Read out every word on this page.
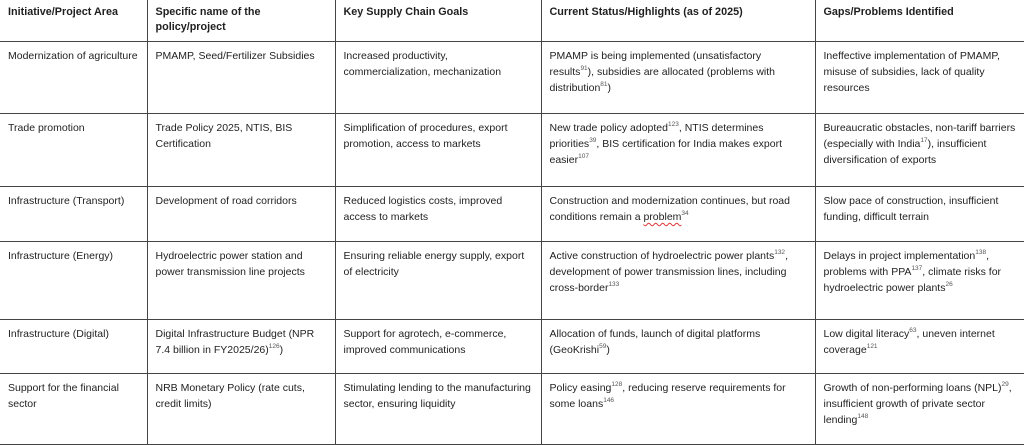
Initiative/Project Area	Specific name of the policy/project	Key Supply Chain Goals	Current Status/Highlights (as of 2025)	Gaps/Problems Identified
Modernization of agriculture	PMAMP, Seed/Fertilizer Subsidies	Increased productivity, commercialization, mechanization	PMAMP is being implemented (unsatisfactory results$^{91}$), subsidies are allocated (problems with distribution$^{81}$)	Ineffective implementation of PMAMP, misuse of subsidies, lack of quality resources
Trade promotion	Trade Policy 2025, NTIS, BIS Certification	Simplification of procedures, export promotion, access to markets	New trade policy adopted$^{123}$, NTIS determines priorities$^{39}$, BIS certification for India makes export easier$^{107}$	Bureaucratic obstacles, non-tariff barriers (especially with India$^{17}$), insufficient diversification of exports
Infrastructure (Transport)	Development of road corridors	Reduced logistics costs, improved access to markets	Construction and modernization continues, but road conditions remain a problem$^{34}$	Slow pace of construction, insufficient funding, difficult terrain
Infrastructure (Energy)	Hydroelectric power station and power transmission line projects	Ensuring reliable energy supply, export of electricity	Active construction of hydroelectric power plants$^{132}$, development of power transmission lines, including cross-border$^{133}$	Delays in project implementation$^{138}$, problems with PPA$^{137}$, climate risks for hydroelectric power plants$^{26}$
Infrastructure (Digital)	Digital Infrastructure Budget (NPR 7.4 billion in FY2025/26)$^{126}$)	Support for agrotech, e-commerce, improved communications	Allocation of funds, launch of digital platforms (GeoKrishi$^{59}$)	Low digital literacy$^{63}$, uneven internet coverage$^{121}$
Support for the financial sector	NRB Monetary Policy (rate cuts, credit limits)	Stimulating lending to the manufacturing sector, ensuring liquidity	Policy easing$^{128}$, reducing reserve requirements for some loans$^{146}$	Growth of non-performing loans (NPL)$^{29}$, insufficient growth of private sector lending$^{148}$
